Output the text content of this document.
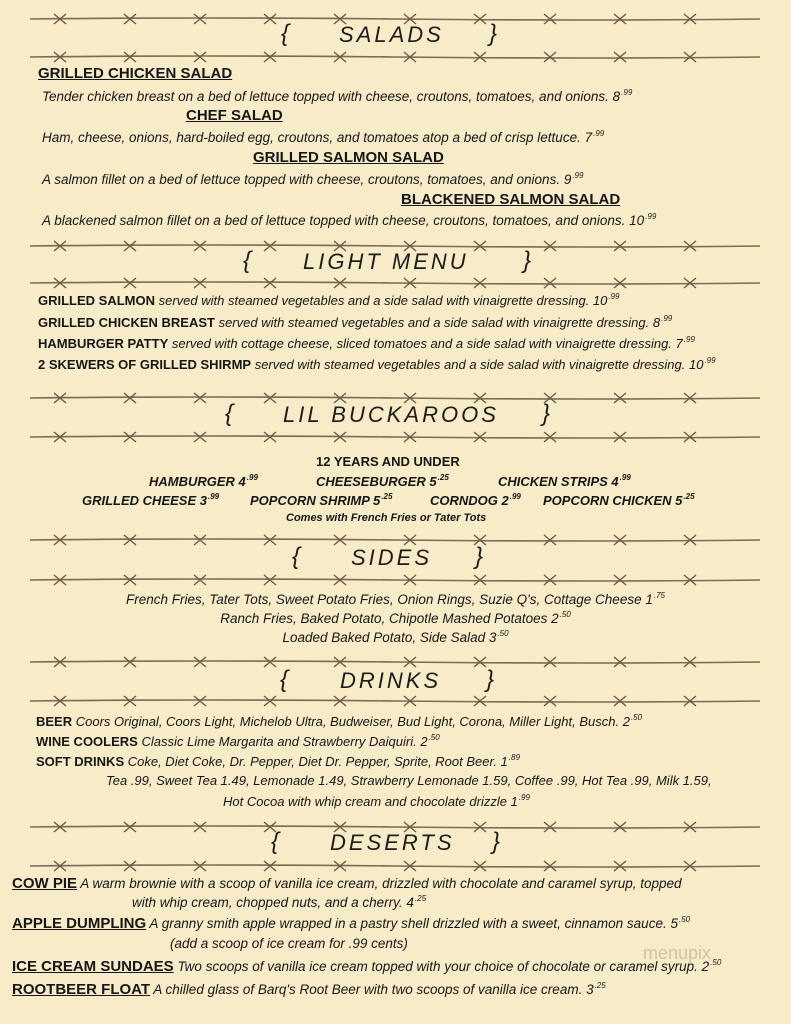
{ SALADS }
GRILLED CHICKEN SALAD
Tender chicken breast on a bed of lettuce topped with cheese, croutons, tomatoes, and onions. $8^{.99}$
CHEF SALAD
Ham, cheese, onions, hard-boiled egg, croutons, and tomatoes atop a bed of crisp lettuce. $7^{.99}$
GRILLED SALMON SALAD
A salmon fillet on a bed of lettuce topped with cheese, croutons, tomatoes, and onions. $9^{.99}$
BLACKENED SALMON SALAD
A blackened salmon fillet on a bed of lettuce topped with cheese, croutons, tomatoes, and onions. $10^{.99}$
{ LIGHT MENU }
GRILLED SALMON served with steamed vegetables and a side salad with vinaigrette dressing. $10^{.99}$
GRILLED CHICKEN BREAST served with steamed vegetables and a side salad with vinaigrette dressing. $8^{.99}$
HAMBURGER PATTY served with cottage cheese, sliced tomatoes and a side salad with vinaigrette dressing. $7^{.99}$
2 SKEWERS OF GRILLED SHIRMP served with steamed vegetables and a side salad with vinaigrette dressing. $10^{.99}$
{ LIL BUCKAROOS }
12 YEARS AND UNDER
HAMBURGER $4^{.99}$	CHEESEBURGER $5^{.25}$	CHICKEN STRIPS $4^{.99}$
GRILLED CHEESE $3^{.99}$ POPCORN SHRIMP $5^{.25}$	CORNDOG $2^{.99}$ POPCORN CHICKEN $5^{.25}$
Comes with French Fries or Tater Tots
{ SIDES }
French Fries, Tater Tots, Sweet Potato Fries, Onion Rings, Suzie Q's, Cottage Cheese $1^{.75}$
Ranch Fries, Baked Potato, Chipotle Mashed Potatoes $2^{.50}$
Loaded Baked Potato, Side Salad $3^{.50}$
{ DRINKS }
BEER Coors Original, Coors Light, Michelob Ultra, Budweiser, Bud Light, Corona, Miller Light, Busch. $2^{.50}$
WINE COOLERS Classic Lime Margarita and Strawberry Daiquiri. $2^{.50}$
SOFT DRINKS Coke, Diet Coke, Dr. Pepper, Diet Dr. Pepper, Sprite, Root Beer. $1^{.89}$
Tea .99, Sweet Tea 1.49, Lemonade 1.49, Strawberry Lemonade 1.59, Coffee .99, Hot Tea .99, Milk 1.59,
Hot Cocoa with whip cream and chocolate drizzle $1^{.99}$
{ DESERTS }
COW PIE A warm brownie with a scoop of vanilla ice cream, drizzled with chocolate and caramel syrup, topped
with whip cream, chopped nuts, and a cherry. $4^{.25}$
APPLE DUMPLING A granny smith apple wrapped in a pastry shell drizzled with a sweet, cinnamon sauce. $5^{.50}$
(add a scoop of ice cream for .99 cents)
ICE CREAM SUNDAES Two scoops of vanilla ice cream topped with your choice of chocolate or caramel syrup. $2^{.50}$
ROOTBEER FLOAT A chilled glass of Barq's Root Beer with two scoops of vanilla ice cream. $3^{.25}$
menupix
